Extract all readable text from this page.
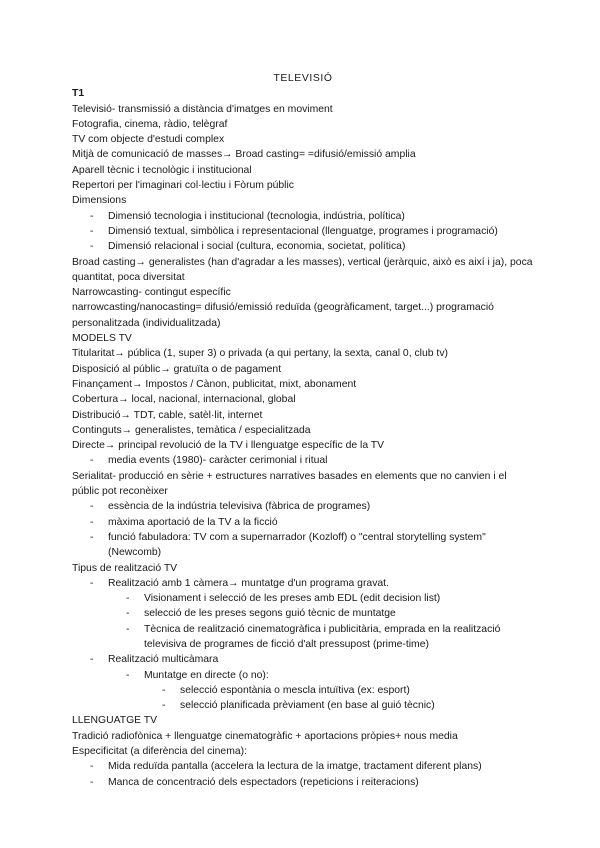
TELEVISIÓ
T1
Televisió- transmissió a distància d'imatges en moviment
Fotografia, cinema, ràdio, telègraf
TV com objecte d'estudi complex
Mitjà de comunicació de masses→ Broad casting= =difusió/emissió amplia
Aparell tècnic i tecnològic i institucional
Repertori per l'imaginari col·lectiu i Fòrum públic
Dimensions
- Dimensió tecnologia i institucional (tecnologia, indústria, política)
- Dimensió textual, simbòlica i representacional (llenguatge, programes i programació)
- Dimensió relacional i social (cultura, economia, societat, política)
Broad casting→ generalistes (han d'agradar a les masses), vertical (jeràrquic, això es així i ja), poca quantitat, poca diversitat
Narrowcasting- contingut específic
narrowcasting/nanocasting= difusió/emissió reduïda (geogràficament, target...) programació personalitzada (individualitzada)
MODELS TV
Titularitat→ pública (1, super 3) o privada (a qui pertany, la sexta, canal 0, club tv)
Disposició al públic→ gratuïta o de pagament
Finançament→ Impostos / Cànon, publicitat, mixt, abonament
Cobertura→ local, nacional, internacional, global
Distribució→ TDT, cable, satèl·lit, internet
Continguts→ generalistes, temàtica / especialitzada
Directe→ principal revolució de la TV i llenguatge específic de la TV
- media events (1980)- caràcter cerimonial i ritual
Serialitat- producció en sèrie + estructures narratives basades en elements que no canvien i el públic pot reconèixer
- essència de la indústria televisiva (fàbrica de programes)
- màxima aportació de la TV a la ficció
- funció fabuladora: TV com a supernarrador (Kozloff) o "central storytelling system" (Newcomb)
Tipus de realització TV
- Realització amb 1 càmera→ muntatge d'un programa gravat.
- Visionament i selecció de les preses amb EDL (edit decision list)
- selecció de les preses segons guió tècnic de muntatge
- Tècnica de realització cinematogràfica i publicitària, emprada en la realització televisiva de programes de ficció d'alt pressupost (prime-time)
- Realització multicàmara
- Muntatge en directe (o no):
- selecció espontània o mescla intuïtiva (ex: esport)
- selecció planificada prèviament (en base al guió tècnic)
LLENGUATGE TV
Tradició radiofònica + llenguatge cinematogràfic + aportacions pròpies+ nous media
Especificitat (a diferència del cinema):
- Mida reduïda pantalla (accelera la lectura de la imatge, tractament diferent plans)
- Manca de concentració dels espectadors (repeticions i reiteracions)
